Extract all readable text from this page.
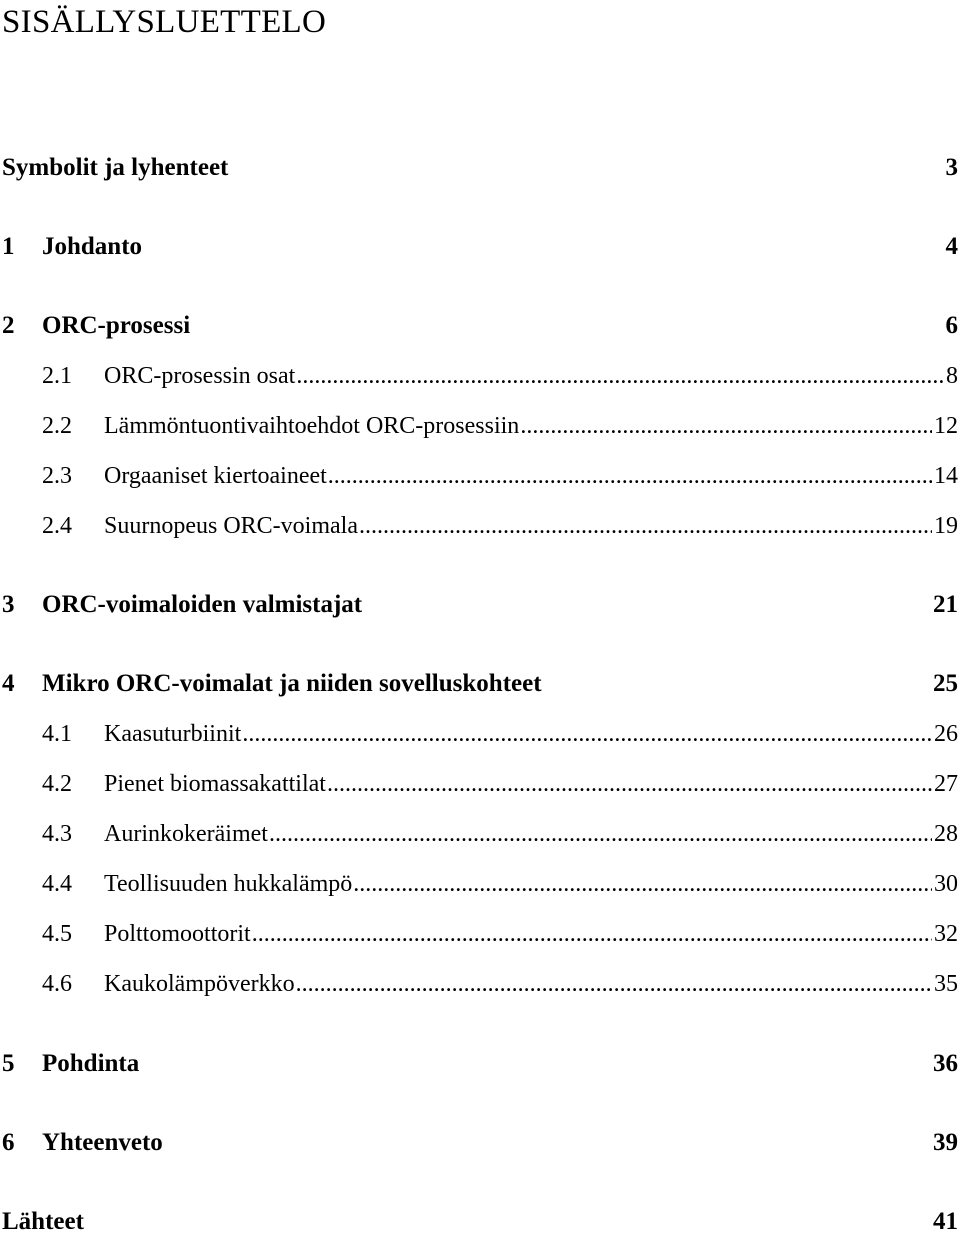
SISÄLLYSLUETTELO
Symbolit ja lyhenteet	3
1	Johdanto	4
2	ORC-prosessi	6
2.1	ORC-prosessin osat .....	8
2.2	Lämmöntuontivaihtoehdot ORC-prosessiin .....	12
2.3	Orgaaniset kiertoaineet .....	14
2.4	Suurnopeus ORC-voimala .....	19
3	ORC-voimaloiden valmistajat	21
4	Mikro ORC-voimalat ja niiden sovelluskohteet	25
4.1	Kaasuturbiinit .....	26
4.2	Pienet biomassakattilat .....	27
4.3	Aurinkokeräimet .....	28
4.4	Teollisuuden hukkalämpö .....	30
4.5	Polttomoottorit .....	32
4.6	Kaukolämpöverkko .....	35
5	Pohdinta	36
6	Yhteenveto	39
Lähteet	41
